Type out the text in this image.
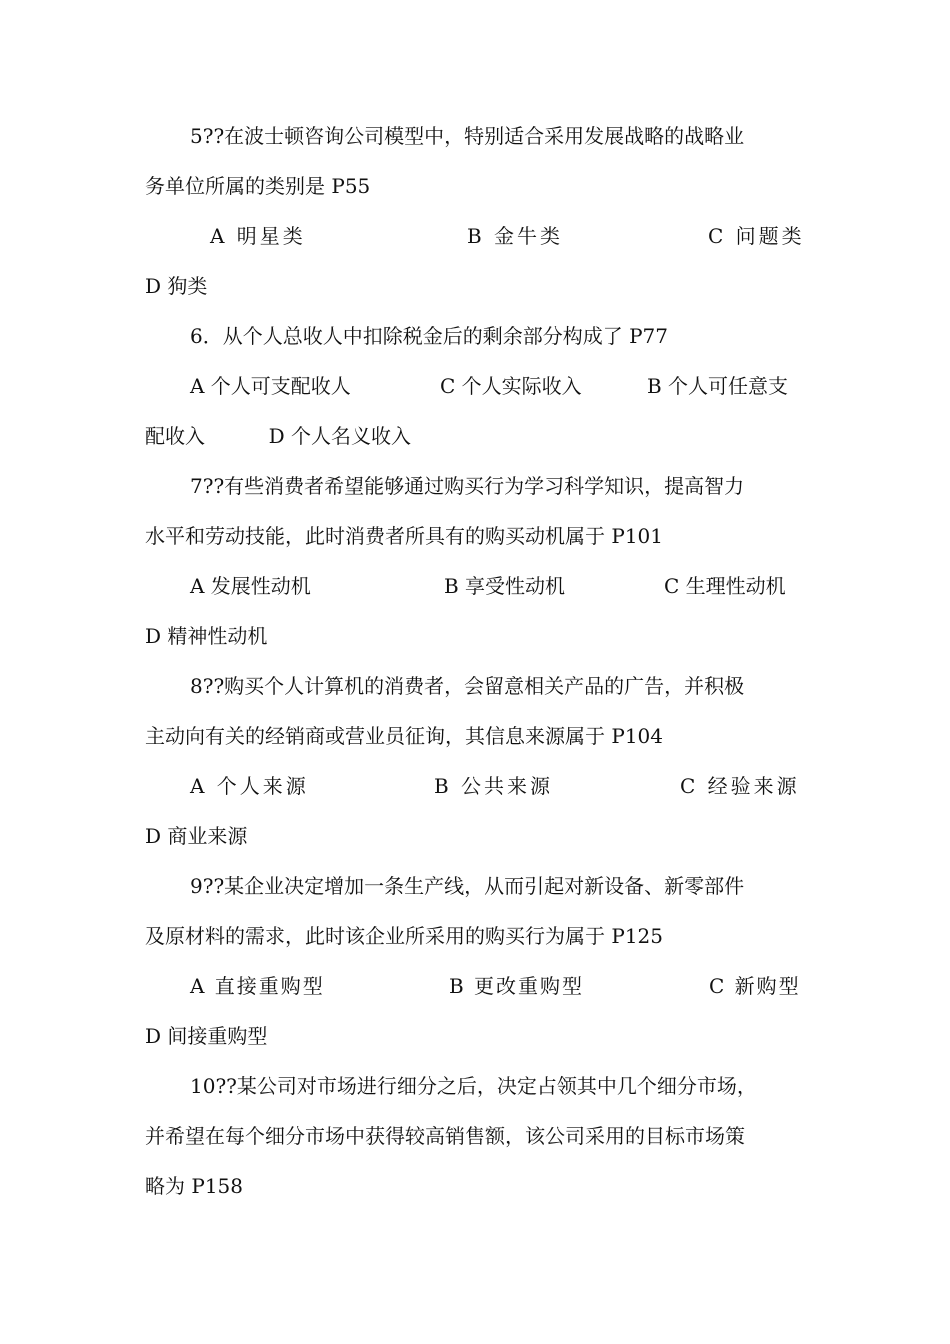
5??在波士顿咨询公司模型中，特别适合采用发展战略的战略业
务单位所属的类别是 P55
A 明星类	B 金牛类	C 问题类
D 狗类
6．从个人总收人中扣除税金后的剩余部分构成了 P77
A 个人可支配收人	C 个人实际收入	B 个人可任意支
配收入          D 个人名义收入
7??有些消费者希望能够通过购买行为学习科学知识，提高智力
水平和劳动技能，此时消费者所具有的购买动机属于 P101
A 发展性动机	B 享受性动机	C 生理性动机
D 精神性动机
8??购买个人计算机的消费者，会留意相关产品的广告，并积极
主动向有关的经销商或营业员征询，其信息来源属于 P104
A 个人来源	B 公共来源	C 经验来源
D 商业来源
9??某企业决定增加一条生产线，从而引起对新设备、新零部件
及原材料的需求，此时该企业所采用的购买行为属于 P125
A 直接重购型	B 更改重购型	C 新购型
D 间接重购型
10??某公司对市场进行细分之后，决定占领其中几个细分市场，
并希望在每个细分市场中获得较高销售额，该公司采用的目标市场策
略为 P158
